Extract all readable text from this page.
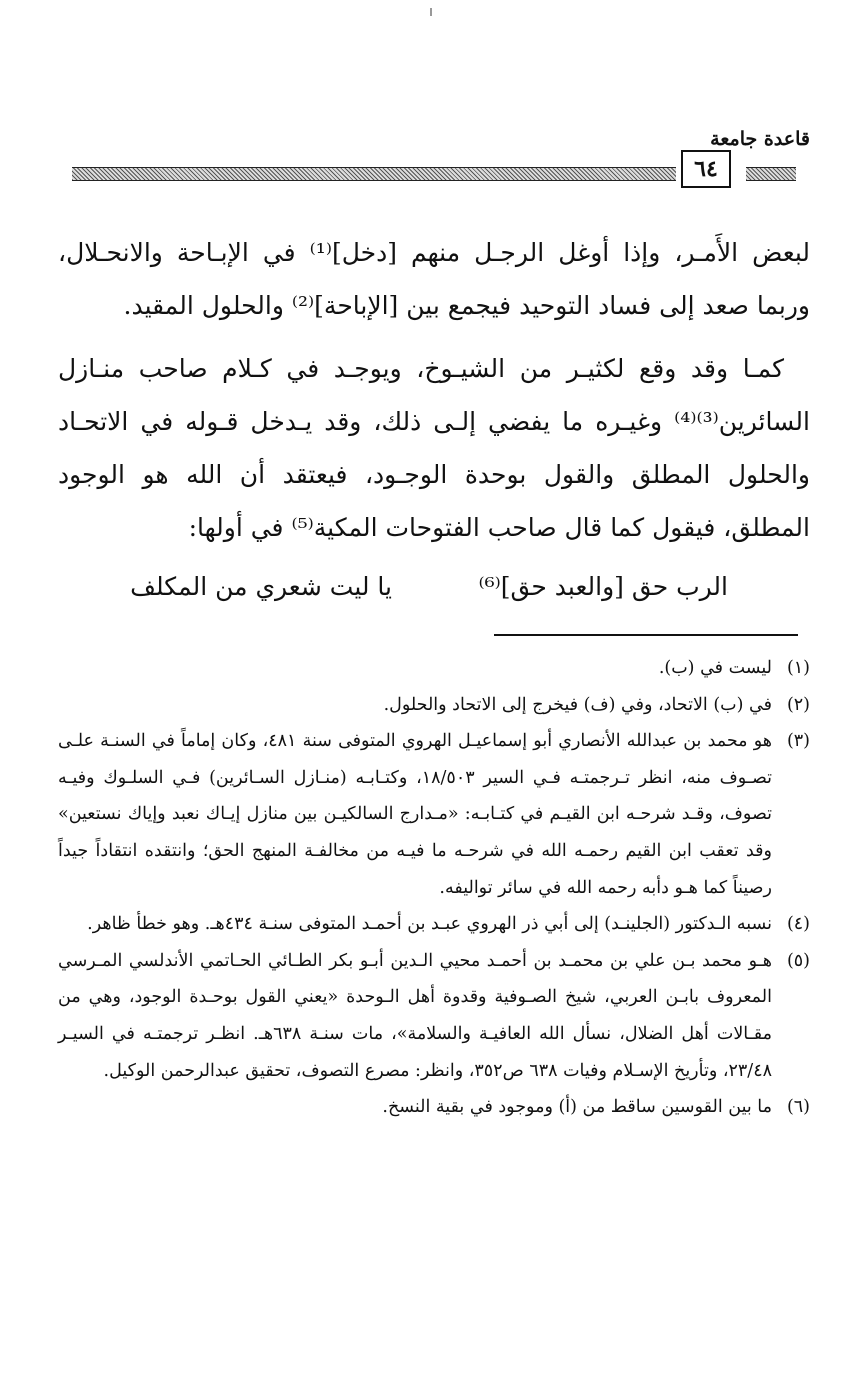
قاعدة جامعة
٦٤

لبعض الأَمـر، وإذا أوغل الرجـل منهم [دخل]⁽¹⁾ في الإبـاحة والانحـلال، وربما صعد إلى فساد التوحيد فيجمع بين [الإباحة]⁽²⁾ والحلول المقيد.

كمـا وقد وقع لكثيـر من الشيـوخ، ويوجـد في كـلام صاحب منـازل السائرين⁽³⁾⁽⁴⁾ وغيـره ما يفضي إلـى ذلك، وقد يـدخل قـوله في الاتحـاد والحلول المطلق والقول بوحدة الوجـود، فيعتقد أن الله هو الوجود المطلق، فيقول كما قال صاحب الفتوحات المكية⁽⁵⁾ في أولها:

الرب حق [والعبد حق]⁽⁶⁾
يا ليت شعري من المكلف
(١)ليست في (ب).
(٢)في (ب) الاتحاد، وفي (ف) فيخرج إلى الاتحاد والحلول.
(٣)هو محمد بن عبدالله الأنصاري أبو إسماعيـل الهروي المتوفى سنة ٤٨١، وكان إماماً في السنـة علـى تصـوف منه، انظر تـرجمتـه فـي السير ١٨/٥٠٣، وكتـابـه (منـازل السـائرين) فـي السلـوك وفيـه تصوف، وقـد شرحـه ابن القيـم في كتـابـه: «مـدارج السالكيـن بين منازل إيـاك نعبد وإياك نستعين» وقد تعقب ابن القيم رحمـه الله في شرحـه ما فيـه من مخالفـة المنهج الحق؛ وانتقده انتقاداً جيداً رصيناً كما هـو دأبه رحمه الله في سائر تواليفه.
(٤)نسبه الـدكتور (الجلينـد) إلى أبي ذر الهروي عبـد بن أحمـد المتوفى سنـة ٤٣٤هـ. وهو خطأ ظاهر.
(٥)هـو محمد بـن علي بن محمـد بن أحمـد محيي الـدين أبـو بكر الطـائي الحـاتمي الأندلسي المـرسي المعروف بابـن العربي، شيخ الصـوفية وقدوة أهل الـوحدة «يعني القول بوحـدة الوجود، وهي من مقـالات أهل الضلال، نسأل الله العافيـة والسلامة»، مات سنـة ٦٣٨هـ. انظـر ترجمتـه في السيـر ٢٣/٤٨، وتأريخ الإسـلام وفيات ٦٣٨ ص٣٥٢، وانظر: مصرع التصوف، تحقيق عبدالرحمن الوكيل.
(٦)ما بين القوسين ساقط من (أ) وموجود في بقية النسخ.
